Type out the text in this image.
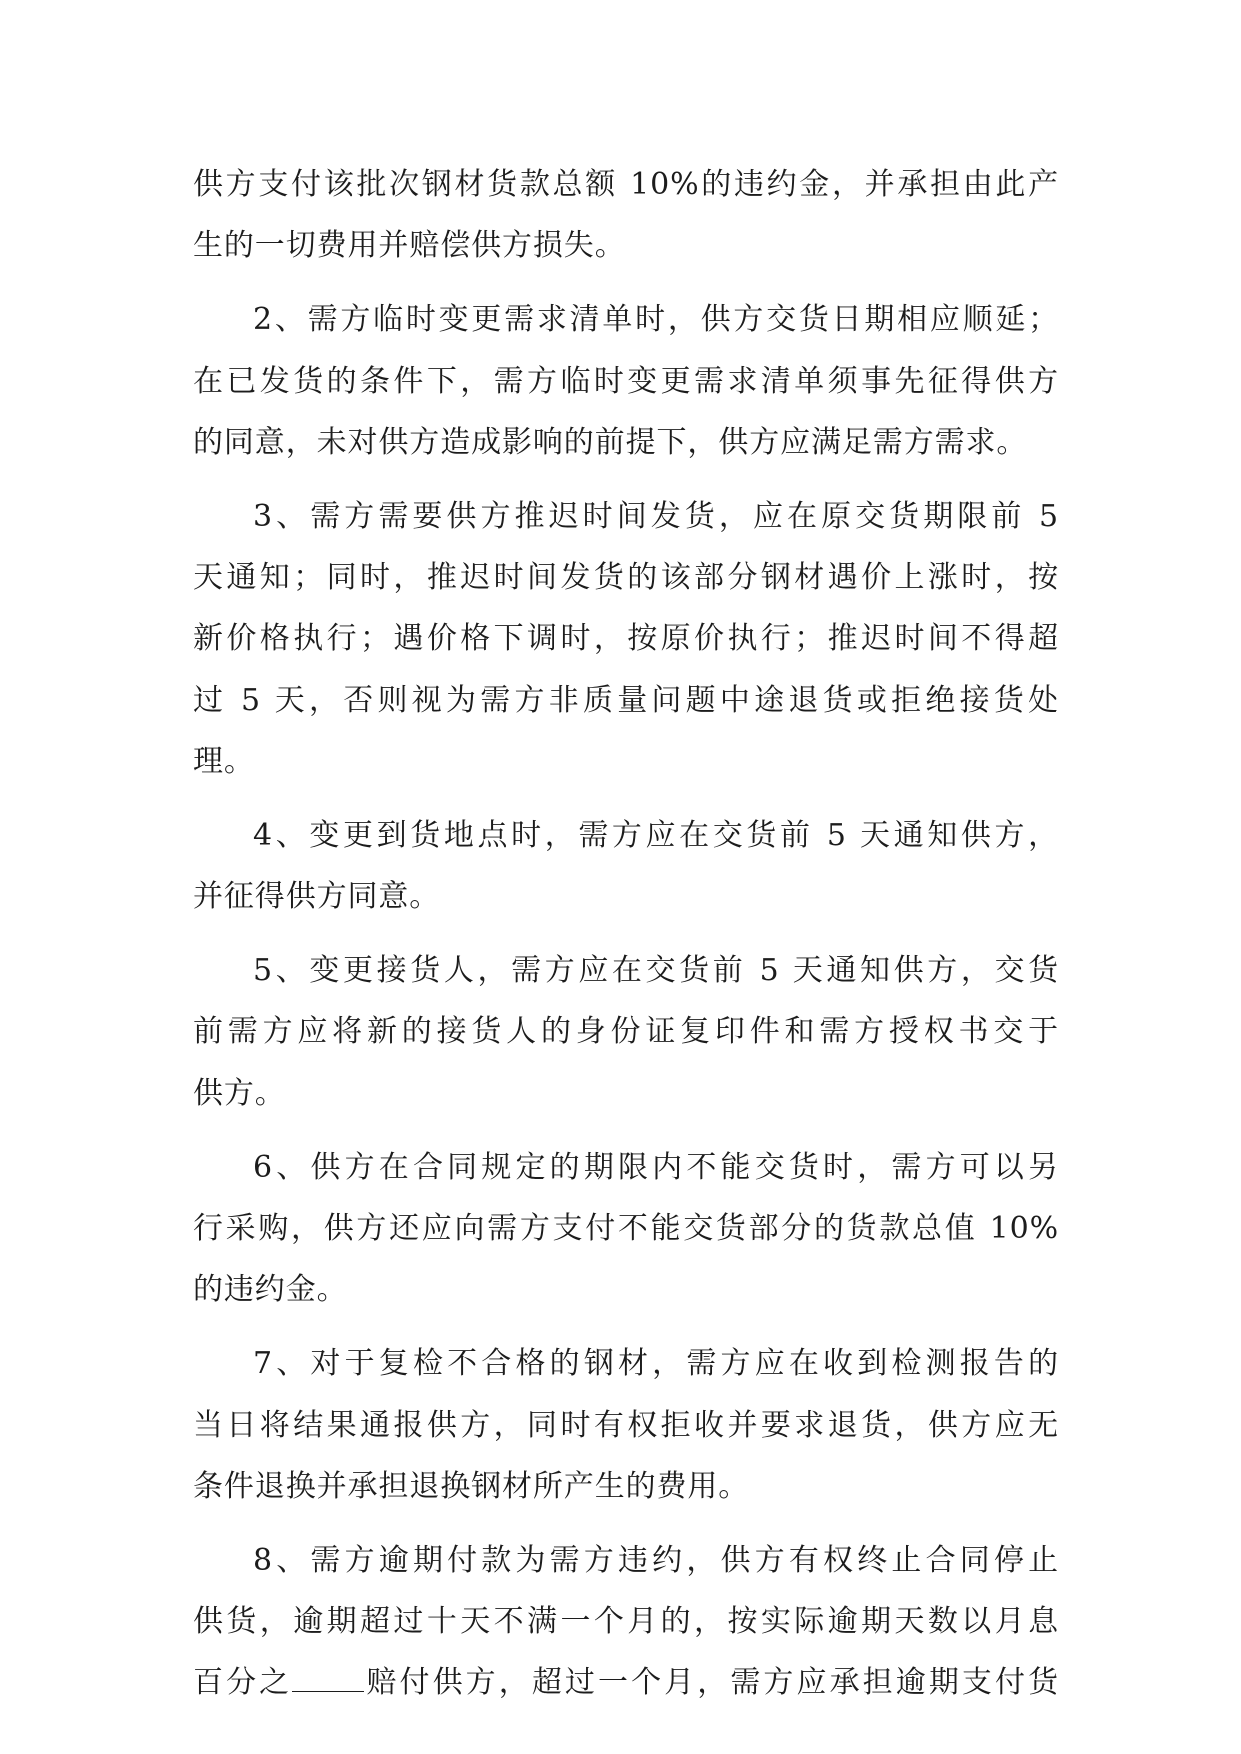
供方支付该批次钢材货款总额 10%的违约金，并承担由此产
生的一切费用并赔偿供方损失。
2、需方临时变更需求清单时，供方交货日期相应顺延；
在已发货的条件下，需方临时变更需求清单须事先征得供方
的同意，未对供方造成影响的前提下，供方应满足需方需求。
3、需方需要供方推迟时间发货，应在原交货期限前 5
天通知；同时，推迟时间发货的该部分钢材遇价上涨时，按
新价格执行；遇价格下调时，按原价执行；推迟时间不得超
过 5 天，否则视为需方非质量问题中途退货或拒绝接货处
理。
4、变更到货地点时，需方应在交货前 5 天通知供方，
并征得供方同意。
5、变更接货人，需方应在交货前 5 天通知供方，交货
前需方应将新的接货人的身份证复印件和需方授权书交于
供方。
6、供方在合同规定的期限内不能交货时，需方可以另
行采购，供方还应向需方支付不能交货部分的货款总值 10%
的违约金。
7、对于复检不合格的钢材，需方应在收到检测报告的
当日将结果通报供方，同时有权拒收并要求退货，供方应无
条件退换并承担退换钢材所产生的费用。
8、需方逾期付款为需方违约，供方有权终止合同停止
供货，逾期超过十天不满一个月的，按实际逾期天数以月息
百分之 赔付供方，超过一个月，需方应承担逾期支付货
